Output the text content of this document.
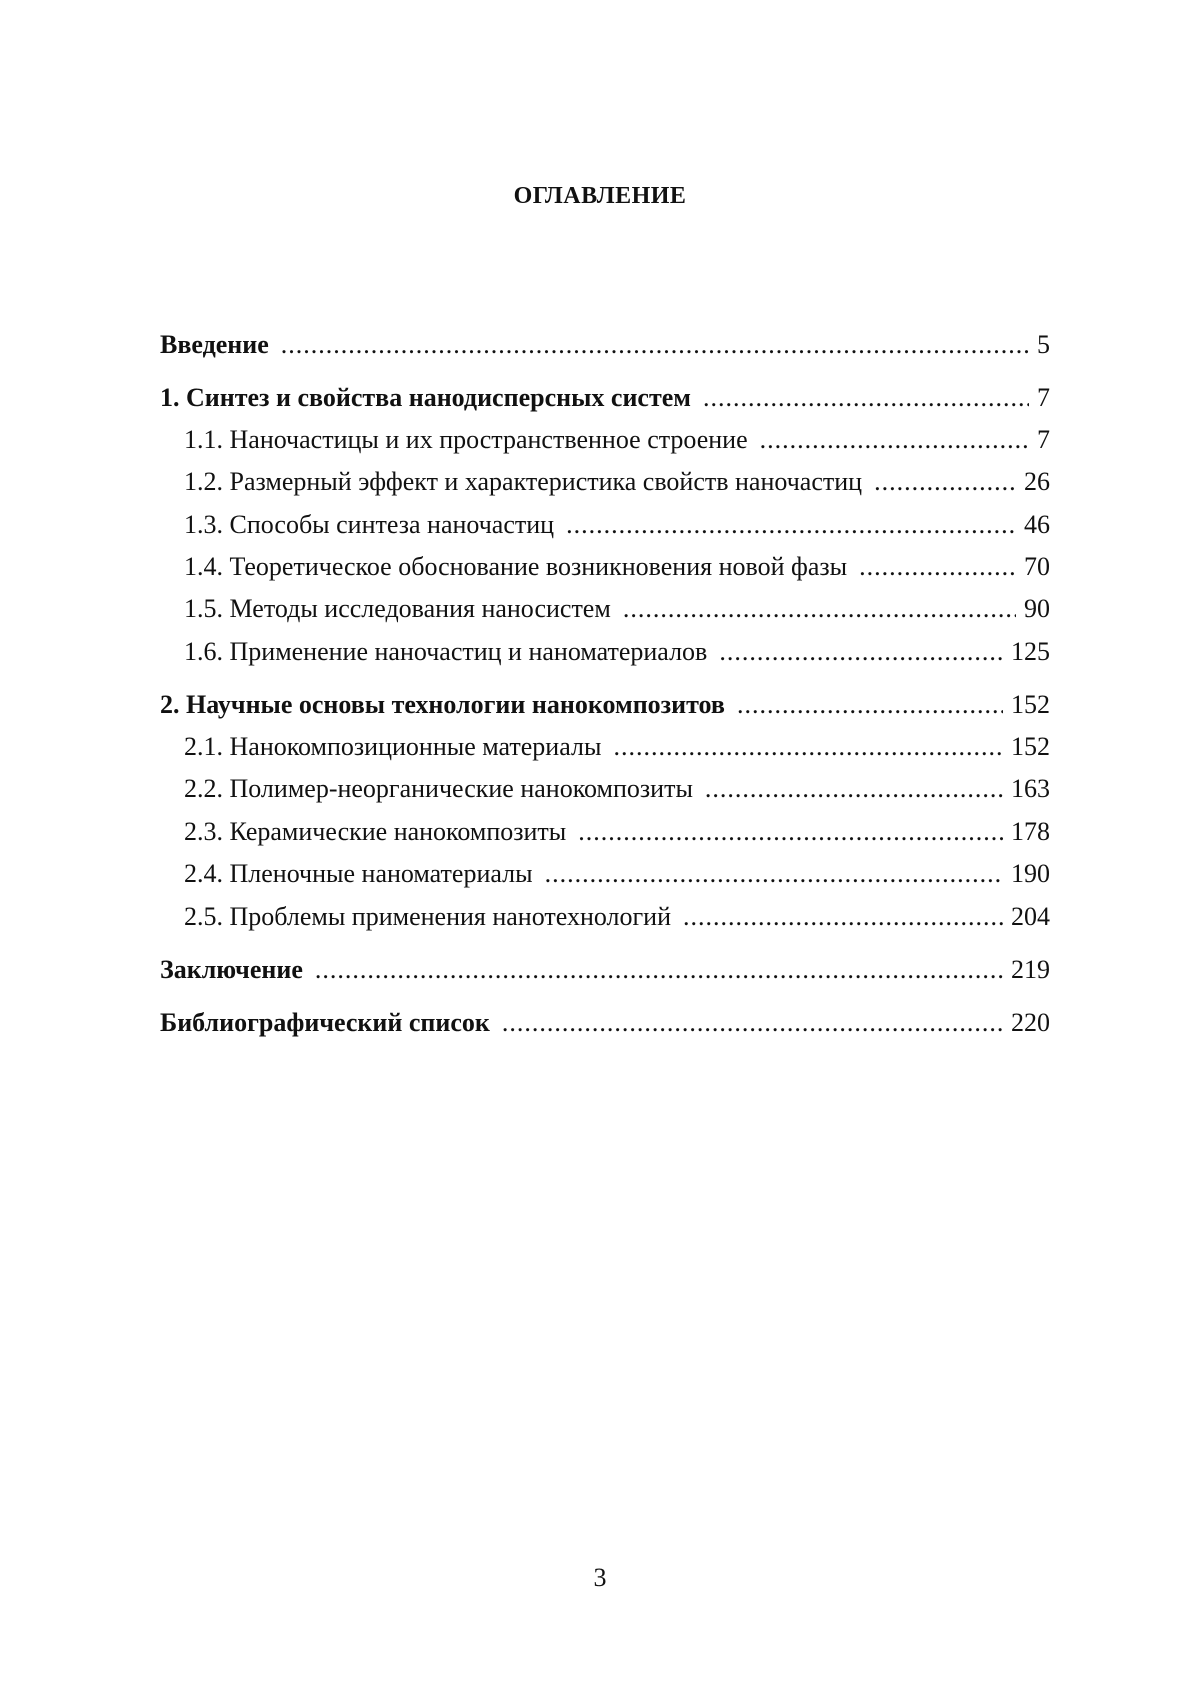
ОГЛАВЛЕНИЕ
Введение
.....	5
1. Синтез и свойства нанодисперсных систем
.....	7
1.1. Наночастицы и их пространственное строение
.....	7
1.2. Размерный эффект и характеристика свойств наночастиц
.....	26
1.3. Способы синтеза наночастиц
.....	46
1.4. Теоретическое обоснование возникновения новой фазы
.....	70
1.5. Методы исследования наносистем
.....	90
1.6. Применение наночастиц и наноматериалов
.....	125
2. Научные основы технологии нанокомпозитов
.....	152
2.1. Нанокомпозиционные материалы
.....	152
2.2. Полимер-неорганические нанокомпозиты
.....	163
2.3. Керамические нанокомпозиты
.....	178
2.4. Пленочные наноматериалы
.....	190
2.5. Проблемы применения нанотехнологий
.....	204
Заключение
.....	219
Библиографический список
.....	220
3
